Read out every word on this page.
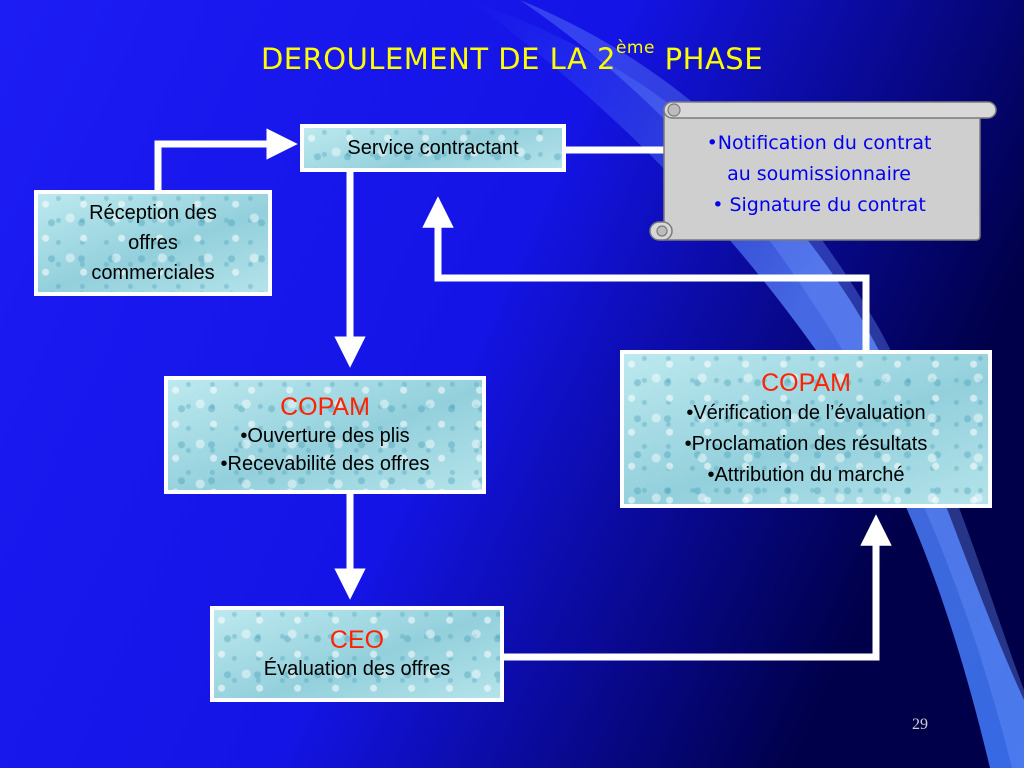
DEROULEMENT DE LA 2ème PHASE
Service contractant
Réception des
offres
commerciales
COPAM
•Ouverture des plis
•Recevabilité des offres
CEO
Évaluation des offres
COPAM
•Vérification de l’évaluation
•Proclamation des résultats
•Attribution du marché
•Notification du contrat
au soumissionnaire
• Signature du contrat
29
